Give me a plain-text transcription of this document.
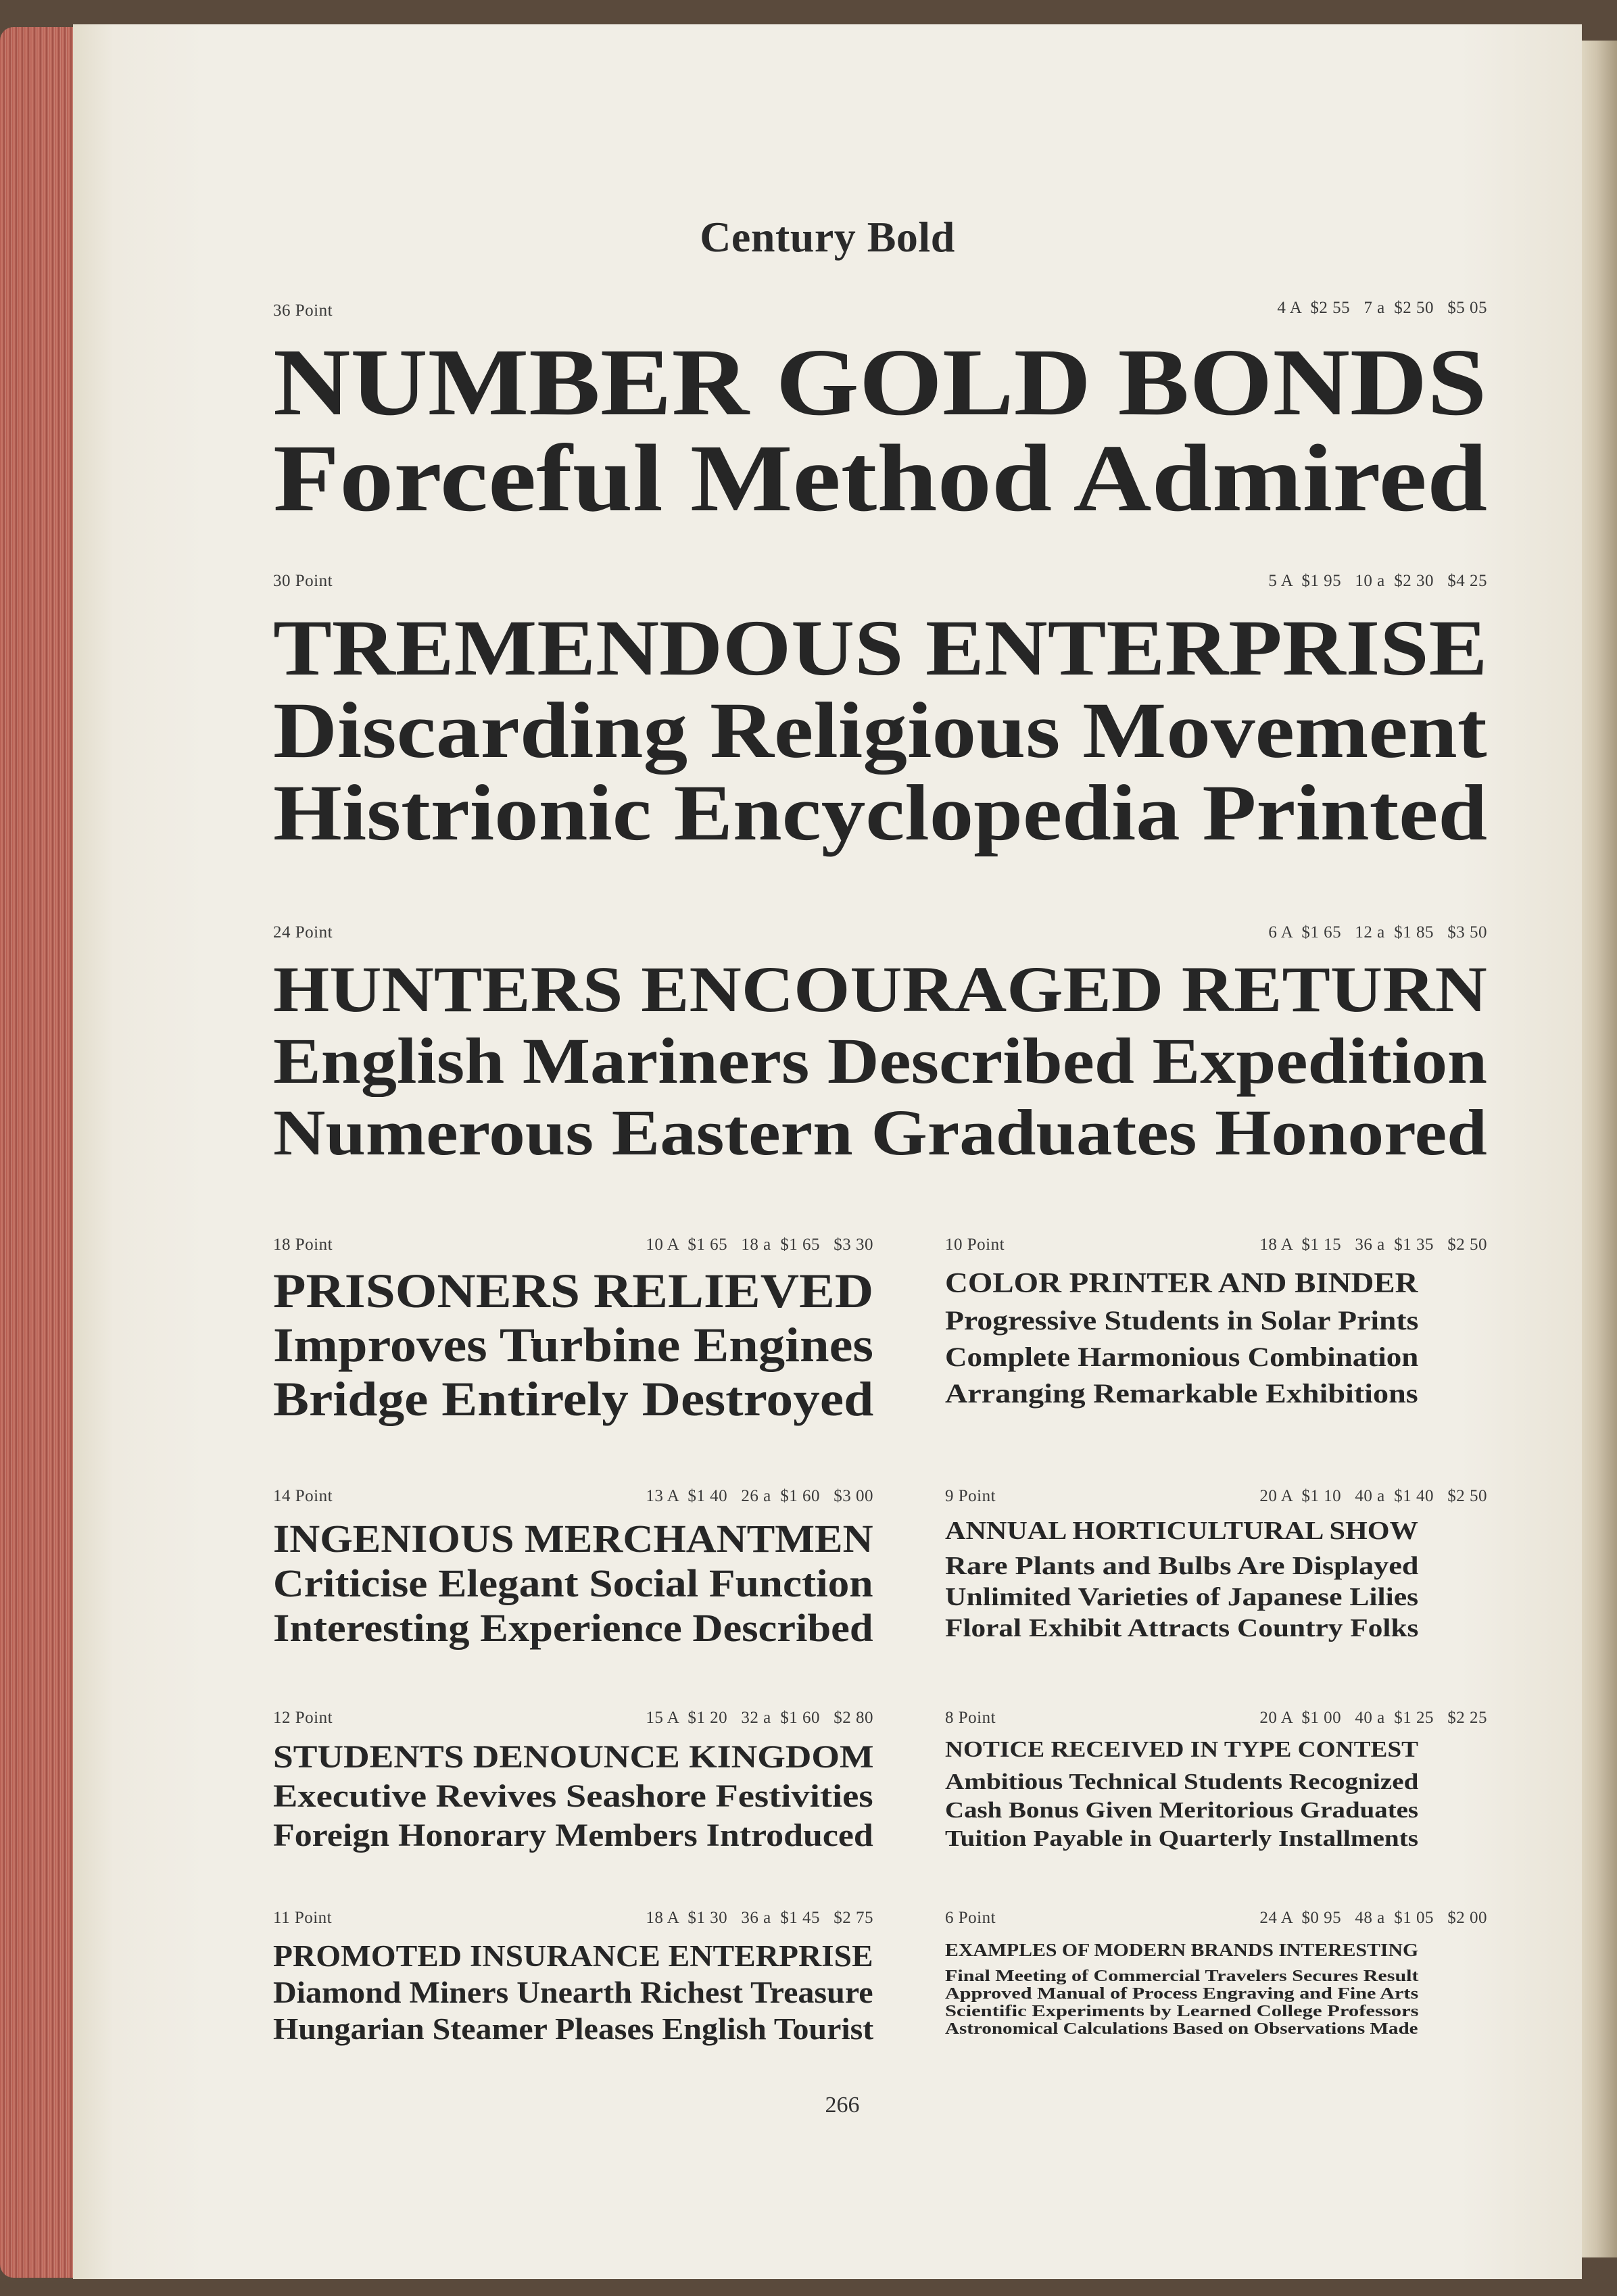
Century Bold
36 Point	4 A  $2 55   7 a  $2 50   $5 05
NUMBER GOLD BONDS
Forceful Method Admired
30 Point	5 A  $1 95   10 a  $2 30   $4 25
TREMENDOUS ENTERPRISE
Discarding Religious Movement
Histrionic Encyclopedia Printed
24 Point	6 A  $1 65   12 a  $1 85   $3 50
HUNTERS ENCOURAGED RETURN
English Mariners Described Expedition
Numerous Eastern Graduates Honored
18 Point	10 A  $1 65   18 a  $1 65   $3 30
PRISONERS RELIEVED
Improves Turbine Engines
Bridge Entirely Destroyed
14 Point	13 A  $1 40   26 a  $1 60   $3 00
INGENIOUS MERCHANTMEN
Criticise Elegant Social Function
Interesting Experience Described
12 Point	15 A  $1 20   32 a  $1 60   $2 80
STUDENTS DENOUNCE KINGDOM
Executive Revives Seashore Festivities
Foreign Honorary Members Introduced
11 Point	18 A  $1 30   36 a  $1 45   $2 75
PROMOTED INSURANCE ENTERPRISE
Diamond Miners Unearth Richest Treasure
Hungarian Steamer Pleases English Tourist
10 Point	18 A  $1 15   36 a  $1 35   $2 50
COLOR PRINTER AND BINDER
Progressive Students in Solar Prints
Complete Harmonious Combination
Arranging Remarkable Exhibitions
9 Point	20 A  $1 10   40 a  $1 40   $2 50
ANNUAL HORTICULTURAL SHOW
Rare Plants and Bulbs Are Displayed
Unlimited Varieties of Japanese Lilies
Floral Exhibit Attracts Country Folks
8 Point	20 A  $1 00   40 a  $1 25   $2 25
NOTICE RECEIVED IN TYPE CONTEST
Ambitious Technical Students Recognized
Cash Bonus Given Meritorious Graduates
Tuition Payable in Quarterly Installments
6 Point	24 A  $0 95   48 a  $1 05   $2 00
EXAMPLES OF MODERN BRANDS INTERESTING
Final Meeting of Commercial Travelers Secures Result
Approved Manual of Process Engraving and Fine Arts
Scientific Experiments by Learned College Professors
Astronomical Calculations Based on Observations Made
266
